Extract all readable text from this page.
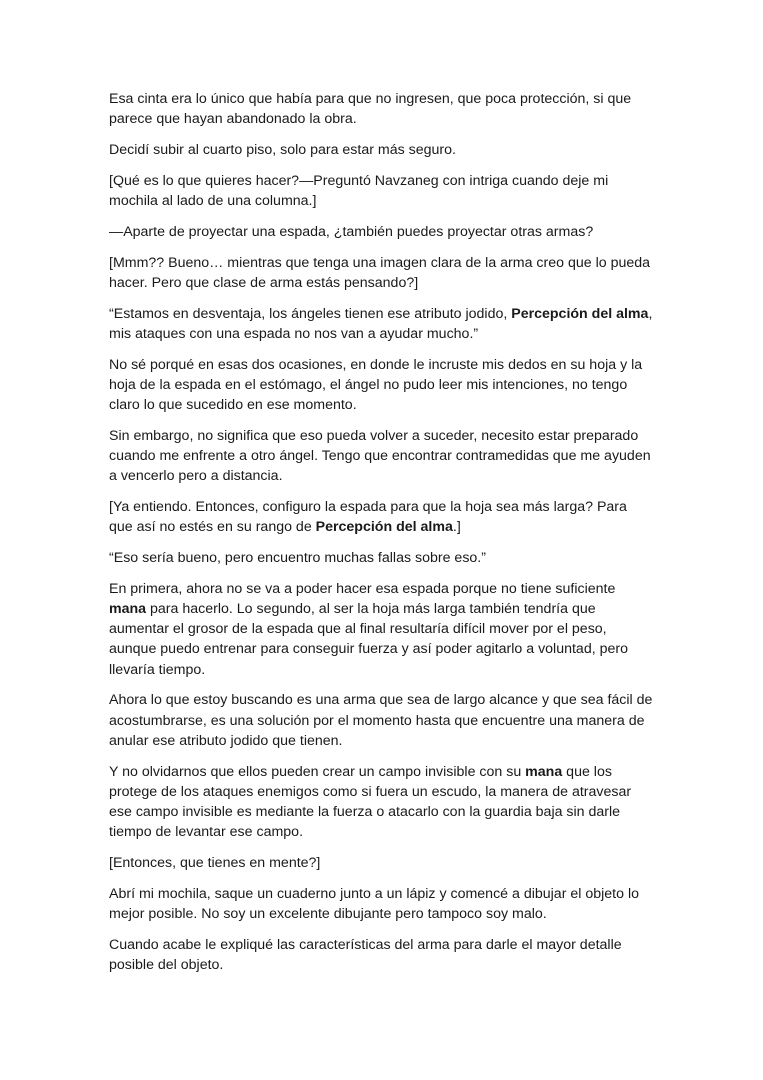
Esa cinta era lo único que había para que no ingresen, que poca protección, si que parece que hayan abandonado la obra.

Decidí subir al cuarto piso, solo para estar más seguro.

[Qué es lo que quieres hacer?—Preguntó Navzaneg con intriga cuando deje mi mochila al lado de una columna.]

—Aparte de proyectar una espada, ¿también puedes proyectar otras armas?

[Mmm?? Bueno… mientras que tenga una imagen clara de la arma creo que lo pueda hacer. Pero que clase de arma estás pensando?]

“Estamos en desventaja, los ángeles tienen ese atributo jodido, Percepción del alma, mis ataques con una espada no nos van a ayudar mucho.”

No sé porqué en esas dos ocasiones, en donde le incruste mis dedos en su hoja y la hoja de la espada en el estómago, el ángel no pudo leer mis intenciones, no tengo claro lo que sucedido en ese momento.

Sin embargo, no significa que eso pueda volver a suceder, necesito estar preparado cuando me enfrente a otro ángel. Tengo que encontrar contramedidas que me ayuden a vencerlo pero a distancia.

[Ya entiendo. Entonces, configuro la espada para que la hoja sea más larga? Para que así no estés en su rango de Percepción del alma.]

“Eso sería bueno, pero encuentro muchas fallas sobre eso.”

En primera, ahora no se va a poder hacer esa espada porque no tiene suficiente mana para hacerlo. Lo segundo, al ser la hoja más larga también tendría que aumentar el grosor de la espada que al final resultaría difícil mover por el peso, aunque puedo entrenar para conseguir fuerza y así poder agitarlo a voluntad, pero llevaría tiempo.

Ahora lo que estoy buscando es una arma que sea de largo alcance y que sea fácil de acostumbrarse, es una solución por el momento hasta que encuentre una manera de anular ese atributo jodido que tienen.

Y no olvidarnos que ellos pueden crear un campo invisible con su mana que los protege de los ataques enemigos como si fuera un escudo, la manera de atravesar ese campo invisible es mediante la fuerza o atacarlo con la guardia baja sin darle tiempo de levantar ese campo.

[Entonces, que tienes en mente?]

Abrí mi mochila, saque un cuaderno junto a un lápiz y comencé a dibujar el objeto lo mejor posible. No soy un excelente dibujante pero tampoco soy malo.

Cuando acabe le expliqué las características del arma para darle el mayor detalle posible del objeto.
